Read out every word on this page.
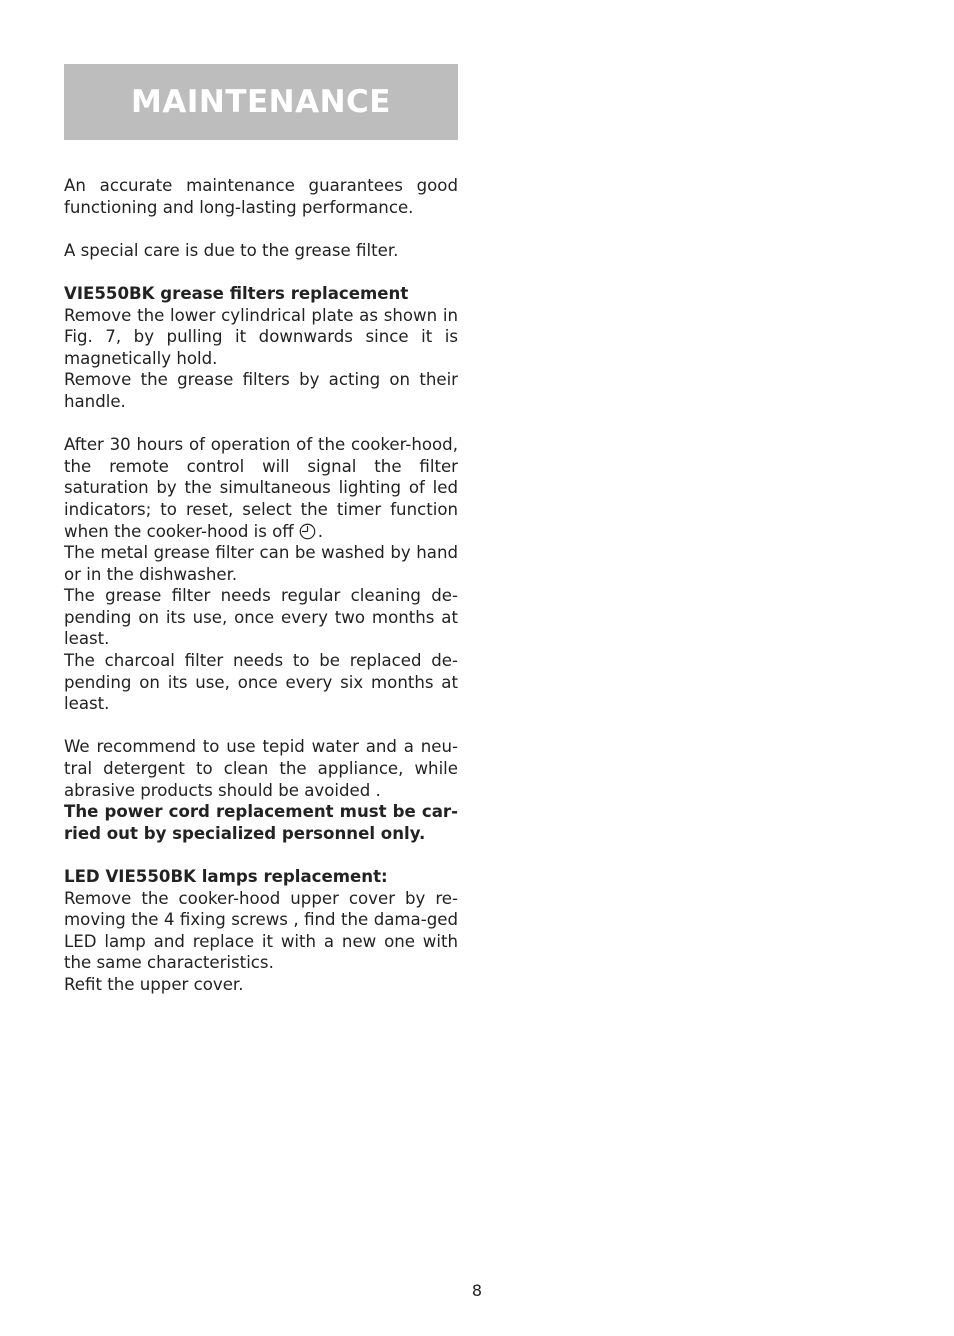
MAINTENANCE

An accurate maintenance guarantees good functioning and long-lasting performance.

A special care is due to the grease filter.

VIE550BK grease filters replacement

Remove the lower cylindrical plate as shown in Fig. 7, by pulling it downwards since it is magnetically hold.

Remove the grease filters by acting on their handle.

After 30 hours of operation of the cooker-hood, the remote control will signal the filter saturation by the simultaneous lighting of led indicators; to reset, select the timer function when the cooker-hood is off .

The metal grease filter can be washed by hand or in the dishwasher.

The grease filter needs regular cleaning de-pending on its use, once every two months at least.

The charcoal filter needs to be replaced de-pending on its use, once every six months at least.

We recommend to use tepid water and a neu-tral detergent to clean the appliance, while abrasive products should be avoided .

The power cord replacement must be car-ried out by specialized personnel only.

LED VIE550BK lamps replacement:

Remove the cooker-hood upper cover by re-moving the 4 fixing screws , find the dama-ged LED lamp and replace it with a new one with the same characteristics.

Refit the upper cover.

8
